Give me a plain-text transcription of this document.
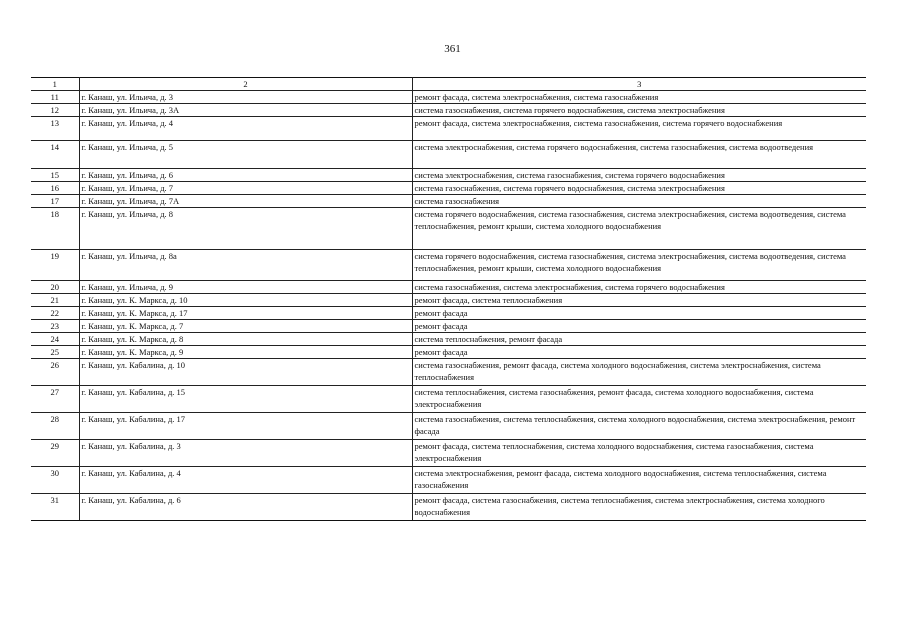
361
1	2	3
11	г. Канаш, ул. Ильича, д. 3	ремонт фасада, система электроснабжения, система газоснабжения
12	г. Канаш, ул. Ильича, д. 3А	система газоснабжения, система горячего водоснабжения, система электроснабжения
13	г. Канаш, ул. Ильича, д. 4	ремонт фасада, система электроснабжения, система газоснабжения, система горячего водоснабжения
14	г. Канаш, ул. Ильича, д. 5	система электроснабжения, система горячего водоснабжения, система газоснабжения, система водоотведения
15	г. Канаш, ул. Ильича, д. 6	система электроснабжения, система газоснабжения, система горячего водоснабжения
16	г. Канаш, ул. Ильича, д. 7	система газоснабжения, система горячего водоснабжения, система электроснабжения
17	г. Канаш, ул. Ильича, д. 7А	система газоснабжения
18	г. Канаш, ул. Ильича, д. 8	система горячего водоснабжения, система газоснабжения, система электроснабжения, система водоотведения, система теплоснабжения, ремонт крыши, система холодного водоснабжения
19	г. Канаш, ул. Ильича, д. 8а	система горячего водоснабжения, система газоснабжения, система электроснабжения, система водоотведения, система теплоснабжения, ремонт крыши, система холодного водоснабжения
20	г. Канаш, ул. Ильича, д. 9	система газоснабжения, система электроснабжения, система горячего водоснабжения
21	г. Канаш, ул. К. Маркса, д. 10	ремонт фасада, система теплоснабжения
22	г. Канаш, ул. К. Маркса, д. 17	ремонт фасада
23	г. Канаш, ул. К. Маркса, д. 7	ремонт фасада
24	г. Канаш, ул. К. Маркса, д. 8	система теплоснабжения, ремонт фасада
25	г. Канаш, ул. К. Маркса, д. 9	ремонт фасада
26	г. Канаш, ул. Кабалина, д. 10	система газоснабжения, ремонт фасада, система холодного водоснабжения, система электроснабжения, система теплоснабжения
27	г. Канаш, ул. Кабалина, д. 15	система теплоснабжения, система газоснабжения, ремонт фасада, система холодного водоснабжения, система электроснабжения
28	г. Канаш, ул. Кабалина, д. 17	система газоснабжения, система теплоснабжения, система холодного водоснабжения, система электроснабжения, ремонт фасада
29	г. Канаш, ул. Кабалина, д. 3	ремонт фасада, система теплоснабжения, система холодного водоснабжения, система газоснабжения, система электроснабжения
30	г. Канаш, ул. Кабалина, д. 4	система электроснабжения, ремонт фасада, система холодного водоснабжения, система теплоснабжения, система газоснабжения
31	г. Канаш, ул. Кабалина, д. 6	ремонт фасада, система газоснабжения, система теплоснабжения, система электроснабжения, система холодного водоснабжения
